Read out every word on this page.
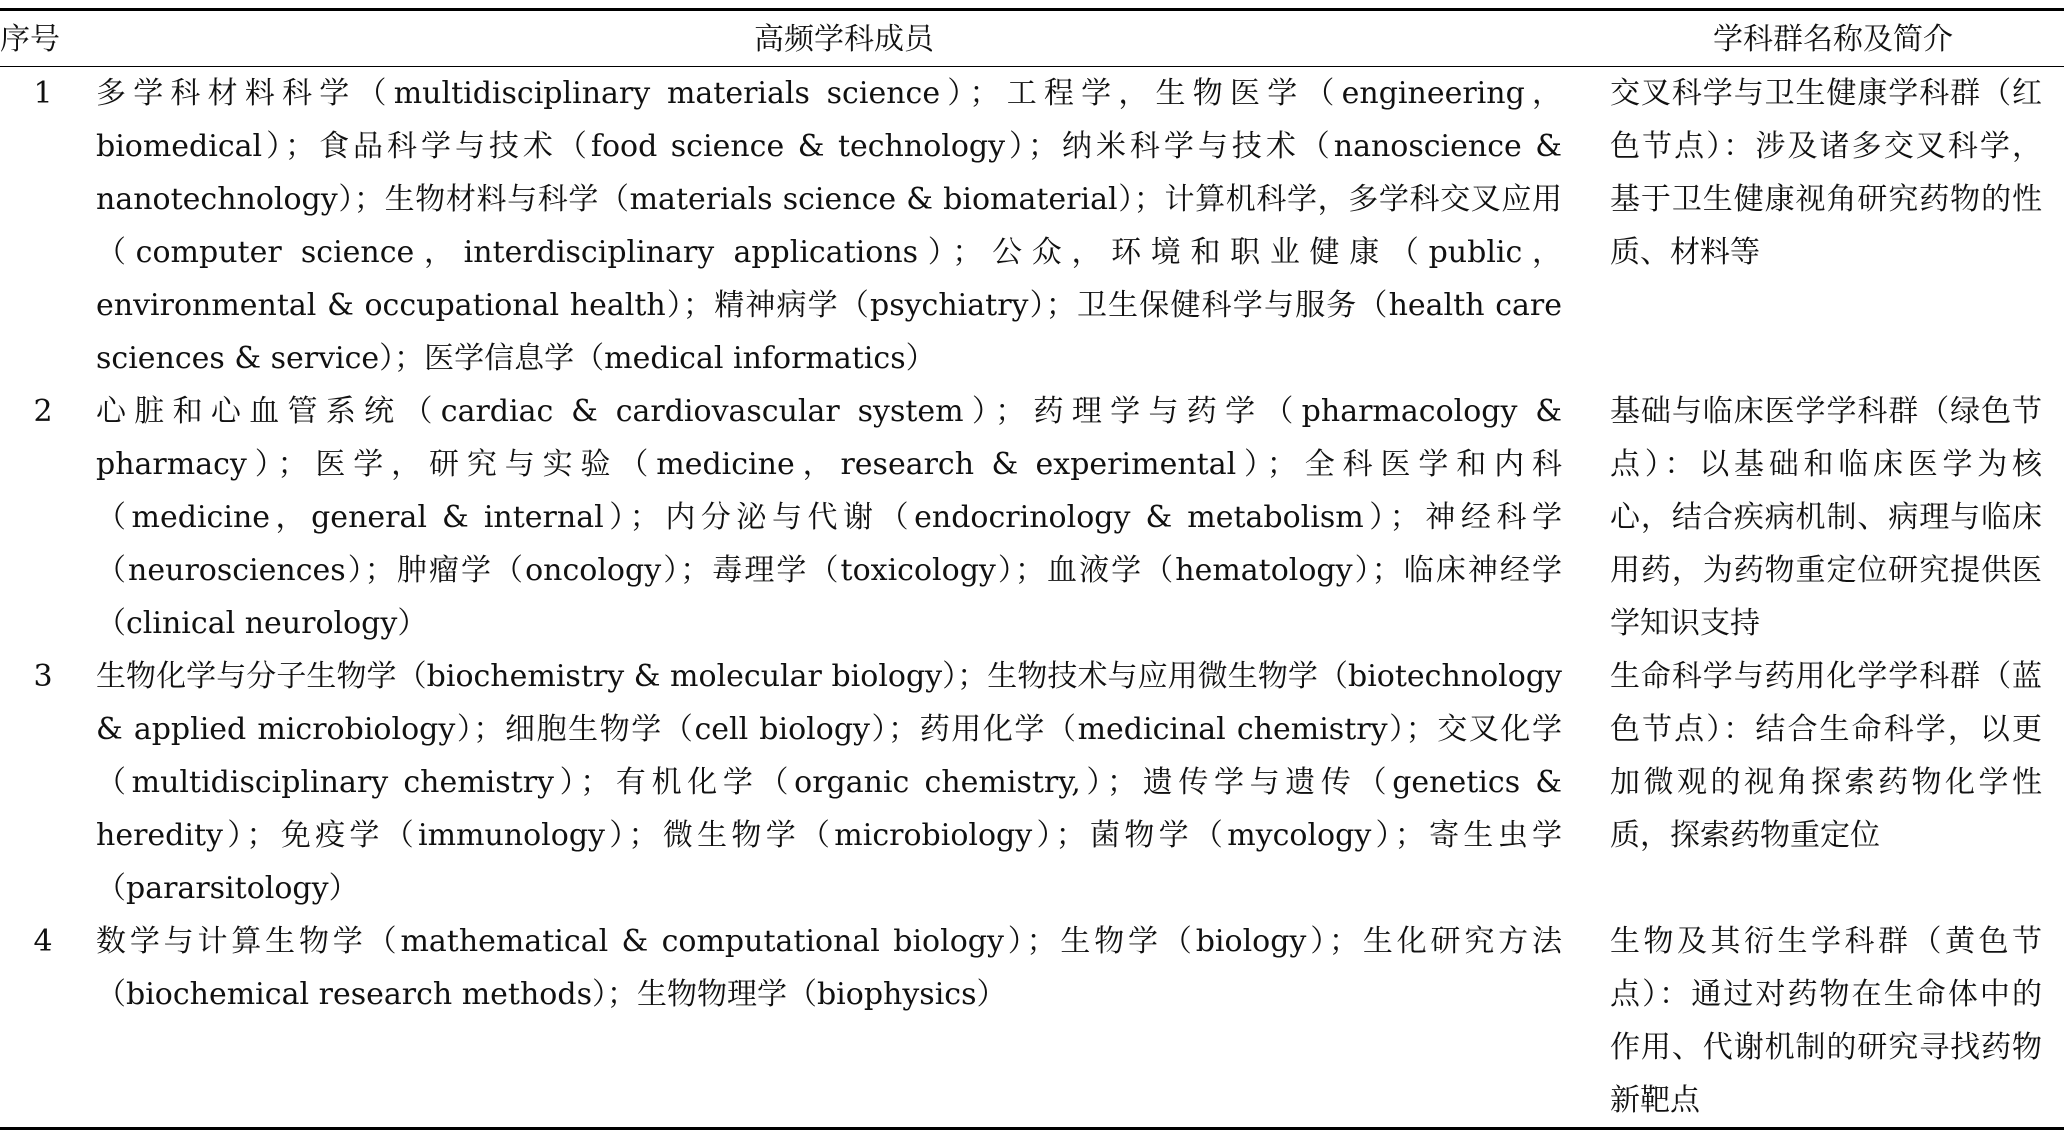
序号	高频学科成员	学科群名称及简介
1	多学科材料科学（multidisciplinary materials science）；工程学，生物医学（engineering，biomedical）；食品科学与技术（food science & technology）；纳米科学与技术（nanoscience & nanotechnology）；生物材料与科学（materials science & biomaterial）；计算机科学，多学科交叉应用（computer science，interdisciplinary applications）；公众，环境和职业健康（public，environmental & occupational health）；精神病学（psychiatry）；卫生保健科学与服务（health care sciences & service）；医学信息学（medical informatics）	交叉科学与卫生健康学科群（红色节点）：涉及诸多交叉科学，基于卫生健康视角研究药物的性质、材料等
2	心脏和心血管系统（cardiac & cardiovascular system）；药理学与药学（pharmacology & pharmacy）；医学，研究与实验（medicine，research & experimental）；全科医学和内科（medicine，general & internal）；内分泌与代谢（endocrinology & metabolism）；神经科学（neurosciences）；肿瘤学（oncology）；毒理学（toxicology）；血液学（hematology）；临床神经学（clinical neurology）	基础与临床医学学科群（绿色节点）：以基础和临床医学为核心，结合疾病机制、病理与临床用药，为药物重定位研究提供医学知识支持
3	生物化学与分子生物学（biochemistry & molecular biology）；生物技术与应用微生物学（biotechnology & applied microbiology）；细胞生物学（cell biology）；药用化学（medicinal chemistry）；交叉化学（multidisciplinary chemistry）；有机化学（organic chemistry,）；遗传学与遗传（genetics & heredity）；免疫学（immunology）；微生物学（microbiology）；菌物学（mycology）；寄生虫学（pararsitology）	生命科学与药用化学学科群（蓝色节点）：结合生命科学，以更加微观的视角探索药物化学性质，探索药物重定位
4	数学与计算生物学（mathematical & computational biology）；生物学（biology）；生化研究方法（biochemical research methods）；生物物理学（biophysics）	生物及其衍生学科群（黄色节点）：通过对药物在生命体中的作用、代谢机制的研究寻找药物新靶点
